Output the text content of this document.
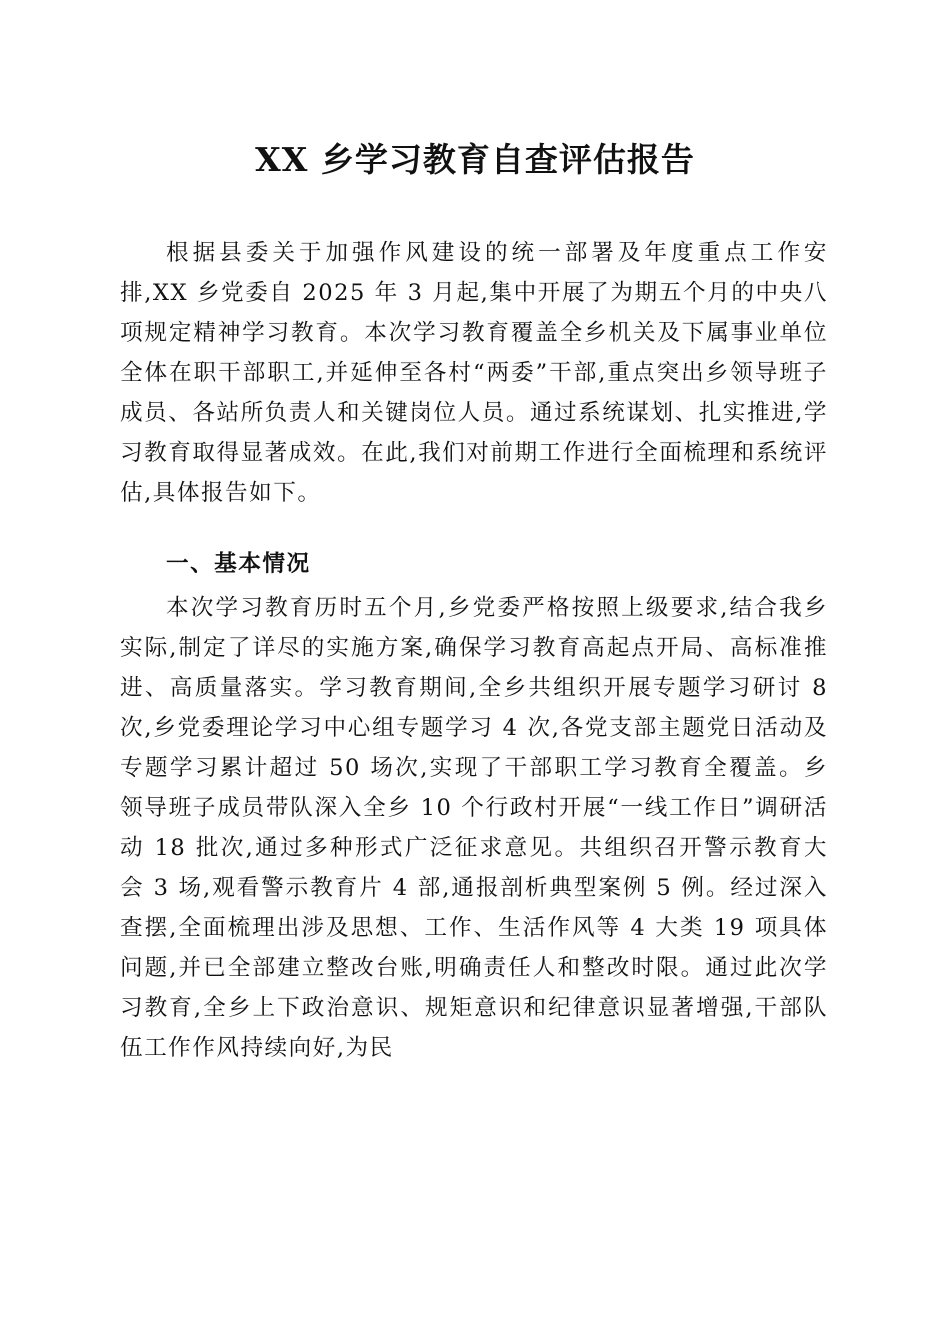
XX 乡学习教育自查评估报告

根据县委关于加强作风建设的统一部署及年度重点工作安排,XX 乡党委自 2025 年 3 月起,集中开展了为期五个月的中央八项规定精神学习教育。本次学习教育覆盖全乡机关及下属事业单位全体在职干部职工,并延伸至各村“两委”干部,重点突出乡领导班子成员、各站所负责人和关键岗位人员。通过系统谋划、扎实推进,学习教育取得显著成效。在此,我们对前期工作进行全面梳理和系统评估,具体报告如下。

一、基本情况

本次学习教育历时五个月,乡党委严格按照上级要求,结合我乡实际,制定了详尽的实施方案,确保学习教育高起点开局、高标准推进、高质量落实。学习教育期间,全乡共组织开展专题学习研讨 8 次,乡党委理论学习中心组专题学习 4 次,各党支部主题党日活动及专题学习累计超过 50 场次,实现了干部职工学习教育全覆盖。乡领导班子成员带队深入全乡 10 个行政村开展“一线工作日”调研活动 18 批次,通过多种形式广泛征求意见。共组织召开警示教育大会 3 场,观看警示教育片 4 部,通报剖析典型案例 5 例。经过深入查摆,全面梳理出涉及思想、工作、生活作风等 4 大类 19 项具体问题,并已全部建立整改台账,明确责任人和整改时限。通过此次学习教育,全乡上下政治意识、规矩意识和纪律意识显著增强,干部队伍工作作风持续向好,为民
